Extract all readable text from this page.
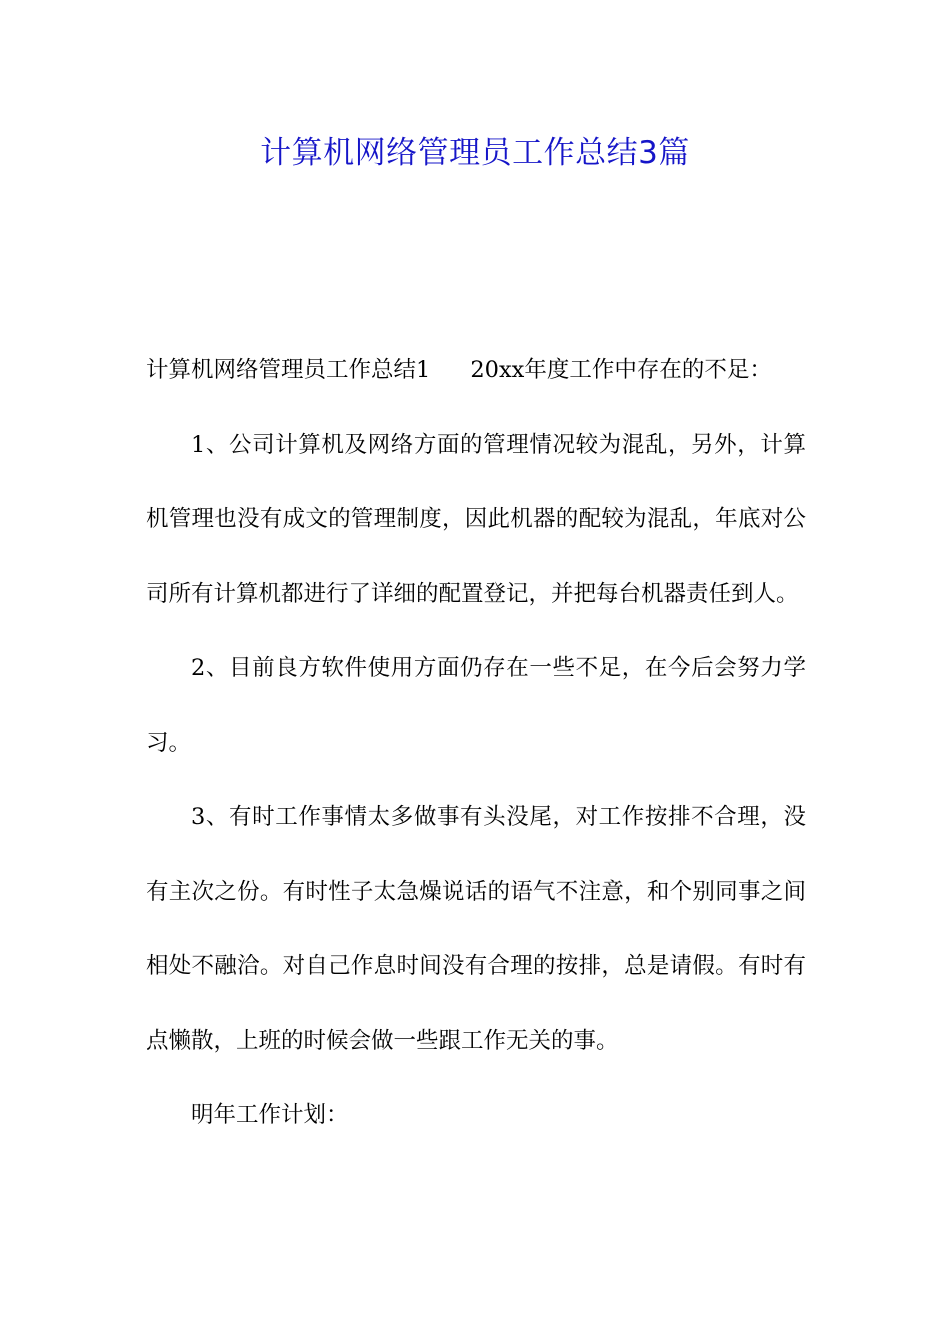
计算机网络管理员工作总结3篇

计算机网络管理员工作总结1 20xx年度工作中存在的不足：

1、公司计算机及网络方面的管理情况较为混乱，另外，计算机管理也没有成文的管理制度，因此机器的配较为混乱，年底对公司所有计算机都进行了详细的配置登记，并把每台机器责任到人。

2、目前良方软件使用方面仍存在一些不足，在今后会努力学习。

3、有时工作事情太多做事有头没尾，对工作按排不合理，没有主次之份。有时性子太急燥说话的语气不注意，和个别同事之间相处不融洽。对自己作息时间没有合理的按排，总是请假。有时有点懒散，上班的时候会做一些跟工作无关的事。

明年工作计划：
